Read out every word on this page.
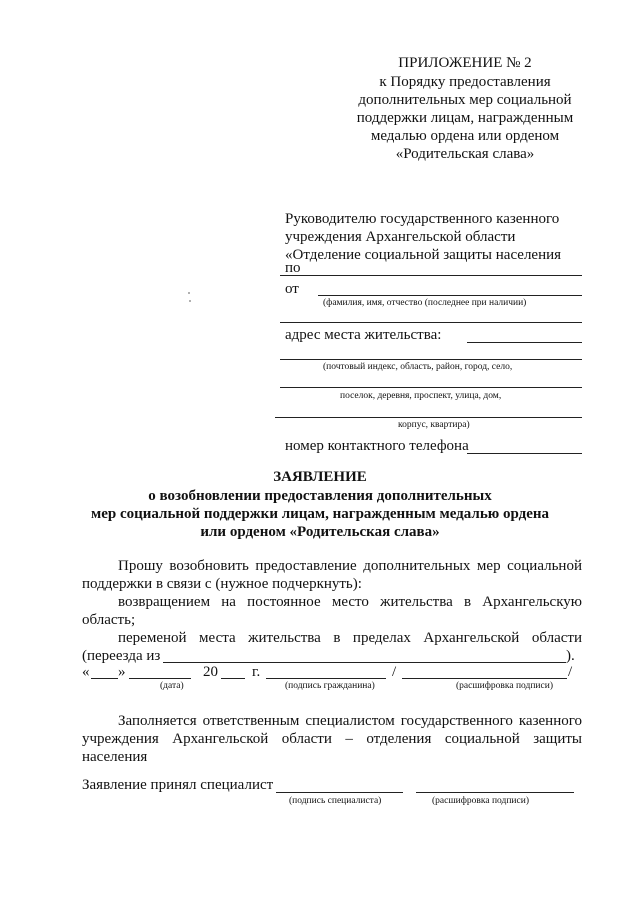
ПРИЛОЖЕНИЕ № 2
к Порядку предоставления
дополнительных мер социальной
поддержки лицам, награжденным
медалью ордена или орденом
«Родительская слава»
Руководителю государственного казенного
учреждения Архангельской области
«Отделение социальной защиты населения
по
от
(фамилия, имя, отчество (последнее при наличии)
адрес места жительства:
(почтовый индекс, область, район, город, село,
поселок, деревня, проспект, улица, дом,
корпус, квартира)
номер контактного телефона
ЗАЯВЛЕНИЕ
о возобновлении предоставления дополнительных
мер социальной поддержки лицам, награжденным медалью ордена
или орденом «Родительская слава»
Прошу возобновить предоставление дополнительных мер социальной
поддержки в связи с (нужное подчеркнуть):
возвращением на постоянное место жительства в Архангельскую
область;
переменой места жительства в пределах Архангельской области
(переезда из	).
« »	20 г.	/	/
(дата)	(подпись гражданина)	(расшифровка подписи)
Заполняется ответственным специалистом государственного казенного
учреждения Архангельской области – отделения социальной защиты
населения
Заявление принял специалист
(подпись специалиста)	(расшифровка подписи)
